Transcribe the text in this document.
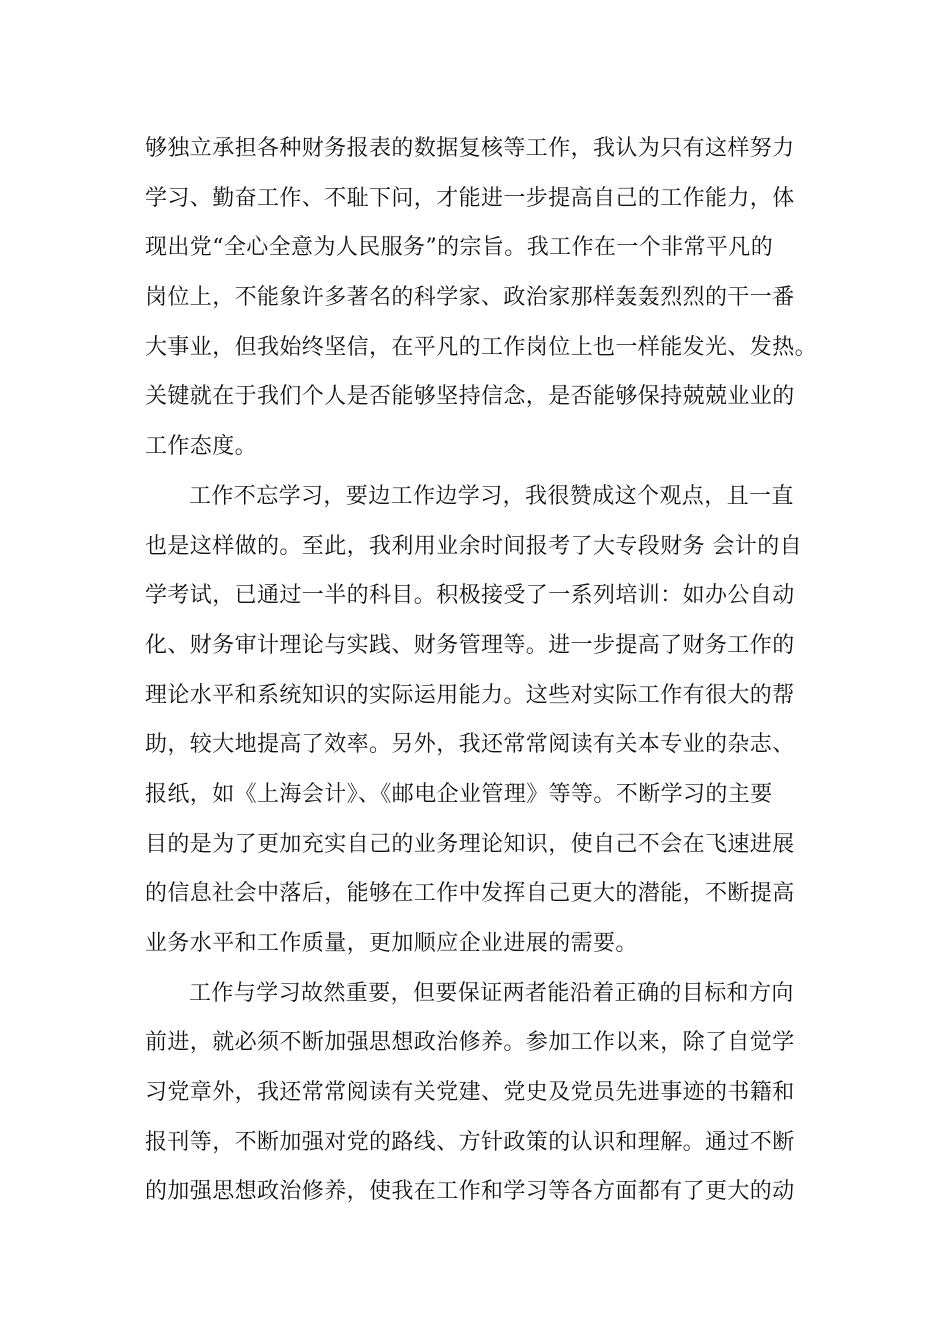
够独立承担各种财务报表的数据复核等工作，我认为只有这样努力
学习、勤奋工作、不耻下问，才能进一步提高自己的工作能力，体
现出党“全心全意为人民服务”的宗旨。我工作在一个非常平凡的
岗位上，不能象许多著名的科学家、政治家那样轰轰烈烈的干一番
大事业，但我始终坚信，在平凡的工作岗位上也一样能发光、发热。
关键就在于我们个人是否能够坚持信念，是否能够保持兢兢业业的
工作态度。
工作不忘学习，要边工作边学习，我很赞成这个观点，且一直
也是这样做的。至此，我利用业余时间报考了大专段财务 会计的自
学考试，已通过一半的科目。积极接受了一系列培训：如办公自动
化、财务审计理论与实践、财务管理等。进一步提高了财务工作的
理论水平和系统知识的实际运用能力。这些对实际工作有很大的帮
助，较大地提高了效率。另外，我还常常阅读有关本专业的杂志、
报纸，如《上海会计》、《邮电企业管理》等等。不断学习的主要
目的是为了更加充实自己的业务理论知识，使自己不会在飞速进展
的信息社会中落后，能够在工作中发挥自己更大的潜能，不断提高
业务水平和工作质量，更加顺应企业进展的需要。
工作与学习故然重要，但要保证两者能沿着正确的目标和方向
前进，就必须不断加强思想政治修养。参加工作以来，除了自觉学
习党章外，我还常常阅读有关党建、党史及党员先进事迹的书籍和
报刊等，不断加强对党的路线、方针政策的认识和理解。通过不断
的加强思想政治修养，使我在工作和学习等各方面都有了更大的动
